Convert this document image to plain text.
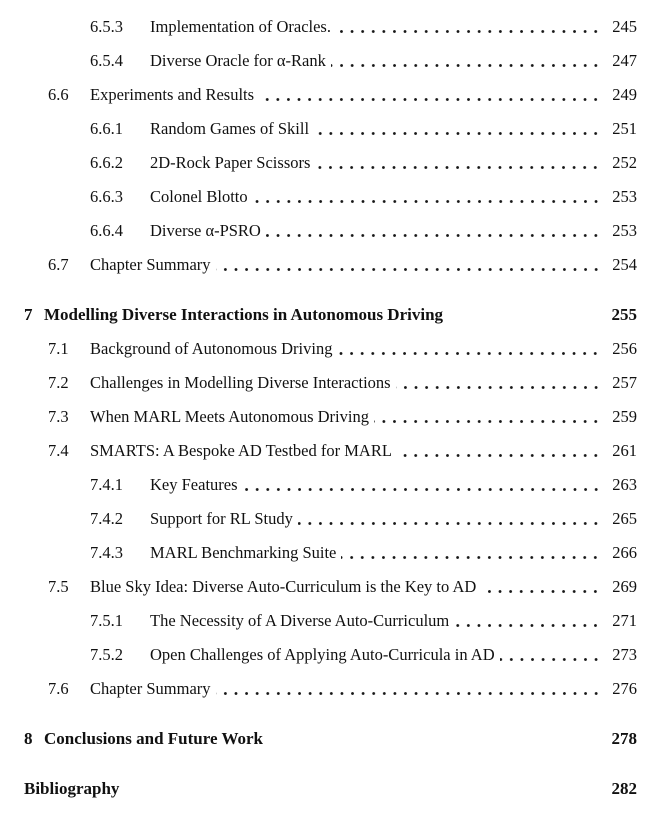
6.5.3	Implementation of Oracles.	245
6.5.4	Diverse Oracle for α-Rank	247
6.6	Experiments and Results	249
6.6.1	Random Games of Skill	251
6.6.2	2D-Rock Paper Scissors	252
6.6.3	Colonel Blotto	253
6.6.4	Diverse α-PSRO	253
6.7	Chapter Summary	254
7 Modelling Diverse Interactions in Autonomous Driving	255
7.1	Background of Autonomous Driving	256
7.2	Challenges in Modelling Diverse Interactions	257
7.3	When MARL Meets Autonomous Driving	259
7.4	SMARTS: A Bespoke AD Testbed for MARL	261
7.4.1	Key Features	263
7.4.2	Support for RL Study	265
7.4.3	MARL Benchmarking Suite	266
7.5	Blue Sky Idea: Diverse Auto-Curriculum is the Key to AD	269
7.5.1	The Necessity of A Diverse Auto-Curriculum	271
7.5.2	Open Challenges of Applying Auto-Curricula in AD	273
7.6	Chapter Summary	276
8 Conclusions and Future Work	278
Bibliography	282
